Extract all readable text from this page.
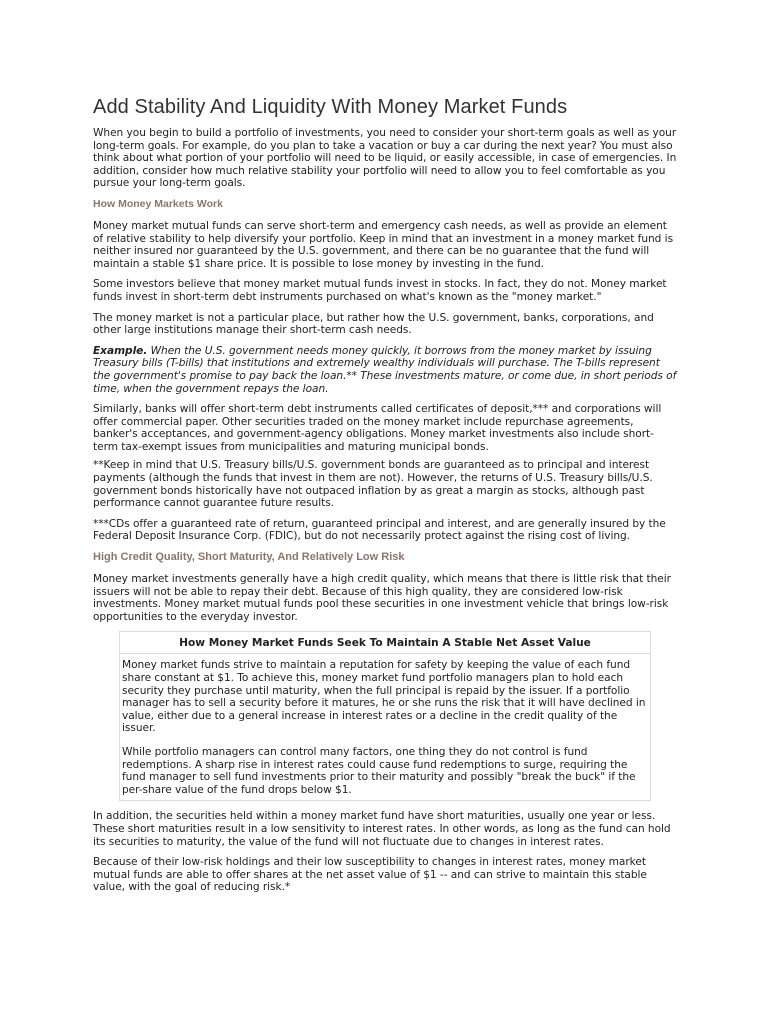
Add Stability And Liquidity With Money Market Funds

When you begin to build a portfolio of investments, you need to consider your short-term goals as well as your long-term goals. For example, do you plan to take a vacation or buy a car during the next year? You must also think about what portion of your portfolio will need to be liquid, or easily accessible, in case of emergencies. In addition, consider how much relative stability your portfolio will need to allow you to feel comfortable as you pursue your long-term goals.

How Money Markets Work

Money market mutual funds can serve short-term and emergency cash needs, as well as provide an element of relative stability to help diversify your portfolio. Keep in mind that an investment in a money market fund is neither insured nor guaranteed by the U.S. government, and there can be no guarantee that the fund will maintain a stable $1 share price. It is possible to lose money by investing in the fund.

Some investors believe that money market mutual funds invest in stocks. In fact, they do not. Money market funds invest in short-term debt instruments purchased on what's known as the "money market."

The money market is not a particular place, but rather how the U.S. government, banks, corporations, and other large institutions manage their short-term cash needs.

Example. When the U.S. government needs money quickly, it borrows from the money market by issuing Treasury bills (T-bills) that institutions and extremely wealthy individuals will purchase. The T-bills represent the government's promise to pay back the loan.** These investments mature, or come due, in short periods of time, when the government repays the loan.

Similarly, banks will offer short-term debt instruments called certificates of deposit,*** and corporations will offer commercial paper. Other securities traded on the money market include repurchase agreements, banker's acceptances, and government-agency obligations. Money market investments also include short-term tax-exempt issues from municipalities and maturing municipal bonds.

**Keep in mind that U.S. Treasury bills/U.S. government bonds are guaranteed as to principal and interest payments (although the funds that invest in them are not). However, the returns of U.S. Treasury bills/U.S. government bonds historically have not outpaced inflation by as great a margin as stocks, although past performance cannot guarantee future results.

***CDs offer a guaranteed rate of return, guaranteed principal and interest, and are generally insured by the Federal Deposit Insurance Corp. (FDIC), but do not necessarily protect against the rising cost of living.

High Credit Quality, Short Maturity, And Relatively Low Risk

Money market investments generally have a high credit quality, which means that there is little risk that their issuers will not be able to repay their debt. Because of this high quality, they are considered low-risk investments. Money market mutual funds pool these securities in one investment vehicle that brings low-risk opportunities to the everyday investor.

How Money Market Funds Seek To Maintain A Stable Net Asset Value

Money market funds strive to maintain a reputation for safety by keeping the value of each fund share constant at $1. To achieve this, money market fund portfolio managers plan to hold each security they purchase until maturity, when the full principal is repaid by the issuer. If a portfolio manager has to sell a security before it matures, he or she runs the risk that it will have declined in value, either due to a general increase in interest rates or a decline in the credit quality of the issuer.

While portfolio managers can control many factors, one thing they do not control is fund redemptions. A sharp rise in interest rates could cause fund redemptions to surge, requiring the fund manager to sell fund investments prior to their maturity and possibly "break the buck" if the per-share value of the fund drops below $1.

In addition, the securities held within a money market fund have short maturities, usually one year or less. These short maturities result in a low sensitivity to interest rates. In other words, as long as the fund can hold its securities to maturity, the value of the fund will not fluctuate due to changes in interest rates.

Because of their low-risk holdings and their low susceptibility to changes in interest rates, money market mutual funds are able to offer shares at the net asset value of $1 -- and can strive to maintain this stable value, with the goal of reducing risk.*
